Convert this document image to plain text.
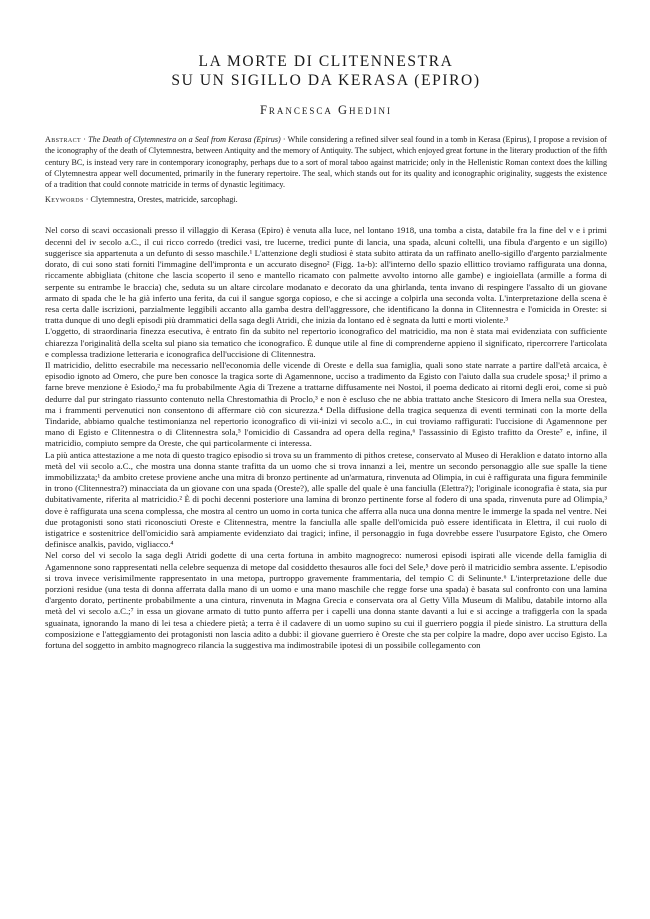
LA MORTE DI CLITENNESTRA
SU UN SIGILLO DA KERASA (EPIRO)
Francesca Ghedini
Abstract · The Death of Clytemnestra on a Seal from Kerasa (Epirus) · While considering a refined silver seal found in a tomb in Kerasa (Epirus), I propose a revision of the iconography of the death of Clytemnestra, between Antiquity and the memory of Antiquity. The subject, which enjoyed great fortune in the literary production of the fifth century BC, is instead very rare in contemporary iconography, perhaps due to a sort of moral taboo against matricide; only in the Hellenistic Roman context does the killing of Clytemnestra appear well documented, primarily in the funerary repertoire. The seal, which stands out for its quality and iconographic originality, suggests the existence of a tradition that could connote matricide in terms of dynastic legitimacy.
Keywords · Clytemnestra, Orestes, matricide, sarcophagi.

Nel corso di scavi occasionali presso il villaggio di Kerasa (Epiro) è venuta alla luce, nel lontano 1918, una tomba a cista, databile fra la fine del v e i primi decenni del iv secolo a.C., il cui ricco corredo (tredici vasi, tre lucerne, tredici punte di lancia, una spada, alcuni coltelli, una fibula d'argento e un sigillo) suggerisce sia appartenuta a un defunto di sesso maschile.¹ L'attenzione degli studiosi è stata subito attirata da un raffinato anello-sigillo d'argento parzialmente dorato, di cui sono stati forniti l'immagine dell'impronta e un accurato disegno² (Figg. 1a-b): all'interno dello spazio ellittico troviamo raffigurata una donna, riccamente abbigliata (chitone che lascia scoperto il seno e mantello ricamato con palmette avvolto intorno alle gambe) e ingioiellata (armille a forma di serpente su entrambe le braccia) che, seduta su un altare circolare modanato e decorato da una ghirlanda, tenta invano di respingere l'assalto di un giovane armato di spada che le ha già inferto una ferita, da cui il sangue sgorga copioso, e che si accinge a colpirla una seconda volta. L'interpretazione della scena è resa certa dalle iscrizioni, parzialmente leggibili accanto alla gamba destra dell'aggressore, che identificano la donna in Clitennestra e l'omicida in Oreste: si tratta dunque di uno degli episodi più drammatici della saga degli Atridi, che inizia da lontano ed è segnata da lutti e morti violente.³

L'oggetto, di straordinaria finezza esecutiva, è entrato fin da subito nel repertorio iconografico del matricidio, ma non è stata mai evidenziata con sufficiente chiarezza l'originalità della scelta sul piano sia tematico che iconografico. È dunque utile al fine di comprenderne appieno il significato, ripercorrere l'articolata e complessa tradizione letteraria e iconografica dell'uccisione di Clitennestra.

Il matricidio, delitto esecrabile ma necessario nell'economia delle vicende di Oreste e della sua famiglia, quali sono state narrate a partire dall'età arcaica, è episodio ignoto ad Omero, che pure ben conosce la tragica sorte di Agamennone, ucciso a tradimento da Egisto con l'aiuto dalla sua crudele sposa;¹ il primo a farne breve menzione è Esiodo,² ma fu probabilmente Agia di Trezene a trattarne diffusamente nei Nostoi, il poema dedicato ai ritorni degli eroi, come si può dedurre dal pur stringato riassunto contenuto nella Chrestomathia di Proclo,³ e non è escluso che ne abbia trattato anche Stesicoro di Imera nella sua Orestea, ma i frammenti pervenutici non consentono di affermare ciò con sicurezza.⁴ Della diffusione della tragica sequenza di eventi terminati con la morte della Tindaride, abbiamo qualche testimonianza nel repertorio iconografico di vii-inizi vi secolo a.C., in cui troviamo raffigurati: l'uccisione di Agamennone per mano di Egisto e Clitennestra o di Clitennestra sola,⁵ l'omicidio di Cassandra ad opera della regina,⁶ l'assassinio di Egisto trafitto da Oreste⁷ e, infine, il matricidio, compiuto sempre da Oreste, che qui particolarmente ci interessa.

La più antica attestazione a me nota di questo tragico episodio si trova su un frammento di pithos cretese, conservato al Museo di Heraklion e datato intorno alla metà del vii secolo a.C., che mostra una donna stante trafitta da un uomo che si trova innanzi a lei, mentre un secondo personaggio alle sue spalle la tiene immobilizzata;¹ da ambito cretese proviene anche una mitra di bronzo pertinente ad un'armatura, rinvenuta ad Olimpia, in cui è raffigurata una figura femminile in trono (Clitennestra?) minacciata da un giovane con una spada (Oreste?), alle spalle del quale è una fanciulla (Elettra?); l'originale iconografia è stata, sia pur dubitativamente, riferita al matricidio.² È di pochi decenni posteriore una lamina di bronzo pertinente forse al fodero di una spada, rinvenuta pure ad Olimpia,³ dove è raffigurata una scena complessa, che mostra al centro un uomo in corta tunica che afferra alla nuca una donna mentre le immerge la spada nel ventre. Nei due protagonisti sono stati riconosciuti Oreste e Clitennestra, mentre la fanciulla alle spalle dell'omicida può essere identificata in Elettra, il cui ruolo di istigatrice e sostenitrice dell'omicidio sarà ampiamente evidenziato dai tragici; infine, il personaggio in fuga dovrebbe essere l'usurpatore Egisto, che Omero definisce analkis, pavido, vigliacco.⁴

Nel corso del vi secolo la saga degli Atridi godette di una certa fortuna in ambito magnogreco: numerosi episodi ispirati alle vicende della famiglia di Agamennone sono rappresentati nella celebre sequenza di metope dal cosiddetto thesauros alle foci del Sele,⁵ dove però il matricidio sembra assente. L'episodio si trova invece verisimilmente rappresentato in una metopa, purtroppo gravemente frammentaria, del tempio C di Selinunte.⁶ L'interpretazione delle due porzioni residue (una testa di donna afferrata dalla mano di un uomo e una mano maschile che regge forse una spada) è basata sul confronto con una lamina d'argento dorato, pertinente probabilmente a una cintura, rinvenuta in Magna Grecia e conservata ora al Getty Villa Museum di Malibu, databile intorno alla metà del vi secolo a.C.;⁷ in essa un giovane armato di tutto punto afferra per i capelli una donna stante davanti a lui e si accinge a trafiggerla con la spada sguainata, ignorando la mano di lei tesa a chiedere pietà; a terra è il cadavere di un uomo supino su cui il guerriero poggia il piede sinistro. La struttura della composizione e l'atteggiamento dei protagonisti non lascia adito a dubbi: il giovane guerriero è Oreste che sta per colpire la madre, dopo aver ucciso Egisto. La fortuna del soggetto in ambito magnogreco rilancia la suggestiva ma indimostrabile ipotesi di un possibile collegamento con
